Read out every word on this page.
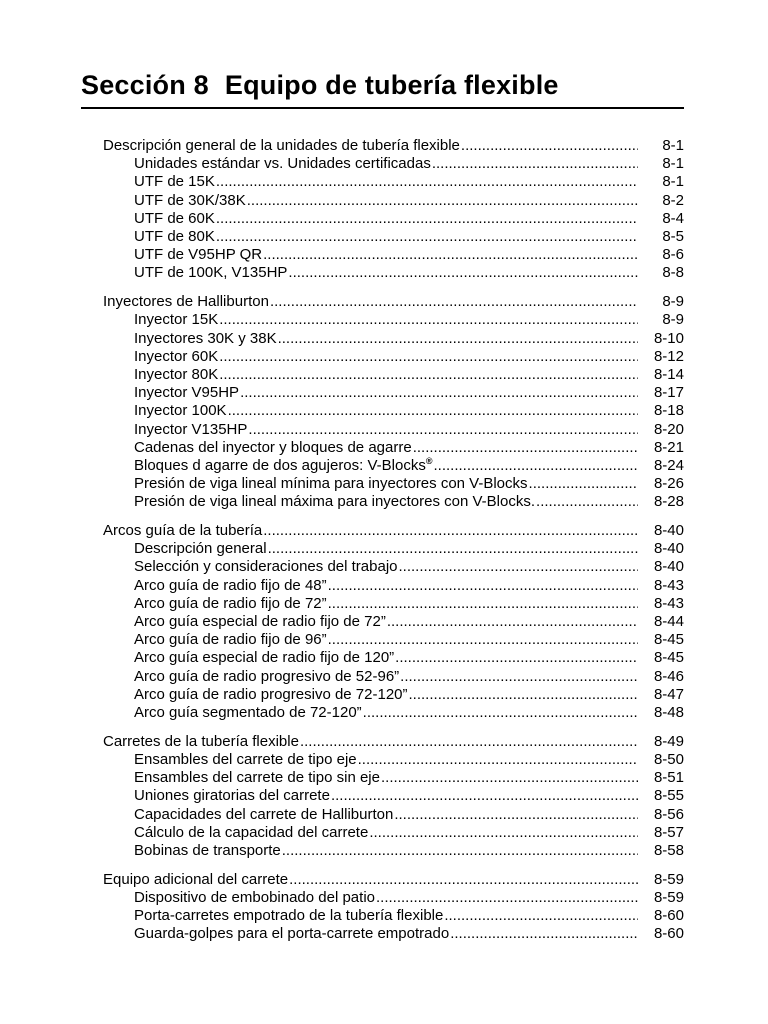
Sección 8 Equipo de tubería flexible
Descripción general de la unidades de tubería flexible .....	8-1
Unidades estándar vs. Unidades certificadas .....	8-1
UTF de 15K .....	8-1
UTF de 30K/38K .....	8-2
UTF de 60K .....	8-4
UTF de 80K .....	8-5
UTF de V95HP QR .....	8-6
UTF de 100K, V135HP .....	8-8
Inyectores de Halliburton .....	8-9
Inyector 15K .....	8-9
Inyectores 30K y 38K .....	8-10
Inyector 60K .....	8-12
Inyector 80K .....	8-14
Inyector V95HP .....	8-17
Inyector 100K .....	8-18
Inyector V135HP .....	8-20
Cadenas del inyector y bloques de agarre .....	8-21
Bloques d agarre de dos agujeros: V-Blocks® .....	8-24
Presión de viga lineal mínima para inyectores con V-Blocks .....	8-26
Presión de viga lineal máxima para inyectores con V-Blocks. .....	8-28
Arcos guía de la tubería .....	8-40
Descripción general .....	8-40
Selección y consideraciones del trabajo .....	8-40
Arco guía de radio fijo de 48” .....	8-43
Arco guía de radio fijo de 72” .....	8-43
Arco guía especial de radio fijo de 72” .....	8-44
Arco guía de radio fijo de 96” .....	8-45
Arco guía especial de radio fijo de 120” .....	8-45
Arco guía de radio progresivo de 52-96” .....	8-46
Arco guía de radio progresivo de 72-120” .....	8-47
Arco guía segmentado de 72-120” .....	8-48
Carretes de la tubería flexible .....	8-49
Ensambles del carrete de tipo eje .....	8-50
Ensambles del carrete de tipo sin eje .....	8-51
Uniones giratorias del carrete .....	8-55
Capacidades del carrete de Halliburton .....	8-56
Cálculo de la capacidad del carrete .....	8-57
Bobinas de transporte .....	8-58
Equipo adicional del carrete .....	8-59
Dispositivo de embobinado del patio .....	8-59
Porta-carretes empotrado de la tubería flexible .....	8-60
Guarda-golpes para el porta-carrete empotrado .....	8-60
